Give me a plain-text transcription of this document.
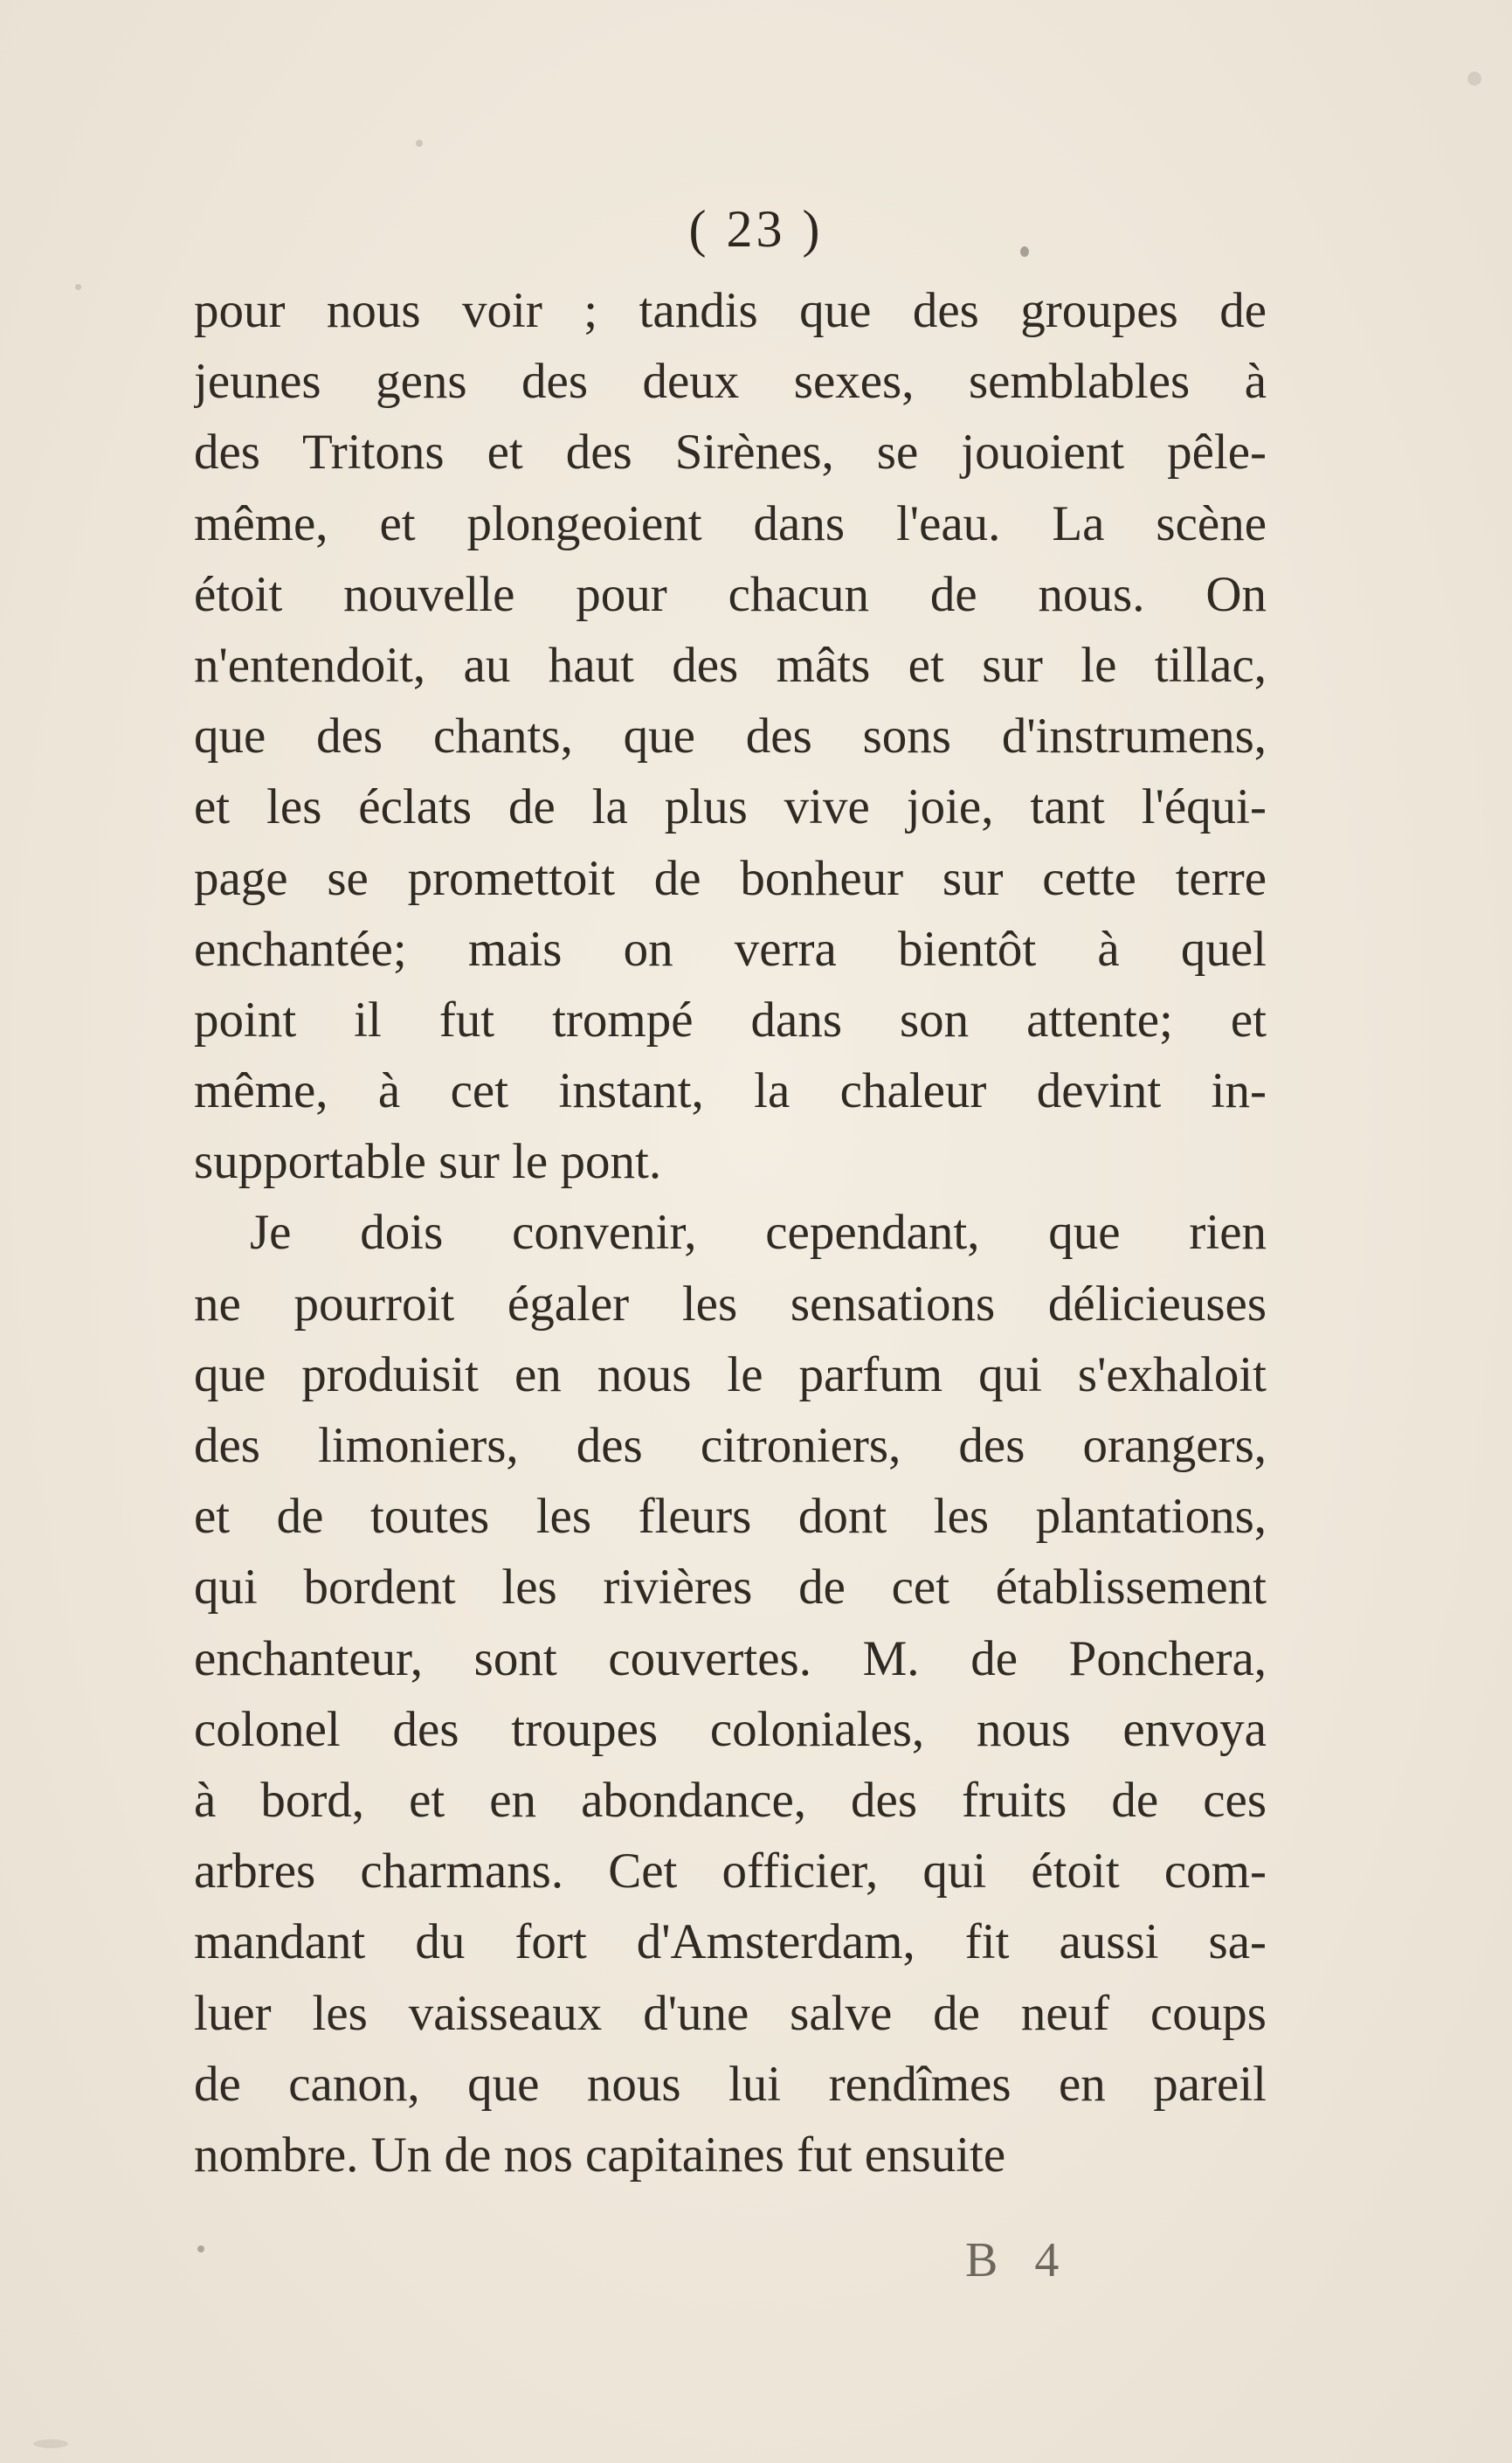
( 23 )
pour nous voir ; tandis que des groupes de
jeunes gens des deux sexes, semblables à
des Tritons et des Sirènes, se jouoient pêle-
même, et plongeoient dans l'eau. La scène
étoit nouvelle pour chacun de nous. On
n'entendoit, au haut des mâts et sur le tillac,
que des chants, que des sons d'instrumens,
et les éclats de la plus vive joie, tant l'équi-
page se promettoit de bonheur sur cette terre
enchantée; mais on verra bientôt à quel
point il fut trompé dans son attente; et
même, à cet instant, la chaleur devint in-
supportable sur le pont.
Je dois convenir, cependant, que rien
ne pourroit égaler les sensations délicieuses
que produisit en nous le parfum qui s'exhaloit
des limoniers, des citroniers, des orangers,
et de toutes les fleurs dont les plantations,
qui bordent les rivières de cet établissement
enchanteur, sont couvertes. M. de Ponchera,
colonel des troupes coloniales, nous envoya
à bord, et en abondance, des fruits de ces
arbres charmans. Cet officier, qui étoit com-
mandant du fort d'Amsterdam, fit aussi sa-
luer les vaisseaux d'une salve de neuf coups
de canon, que nous lui rendîmes en pareil
nombre. Un de nos capitaines fut ensuite
B 4
